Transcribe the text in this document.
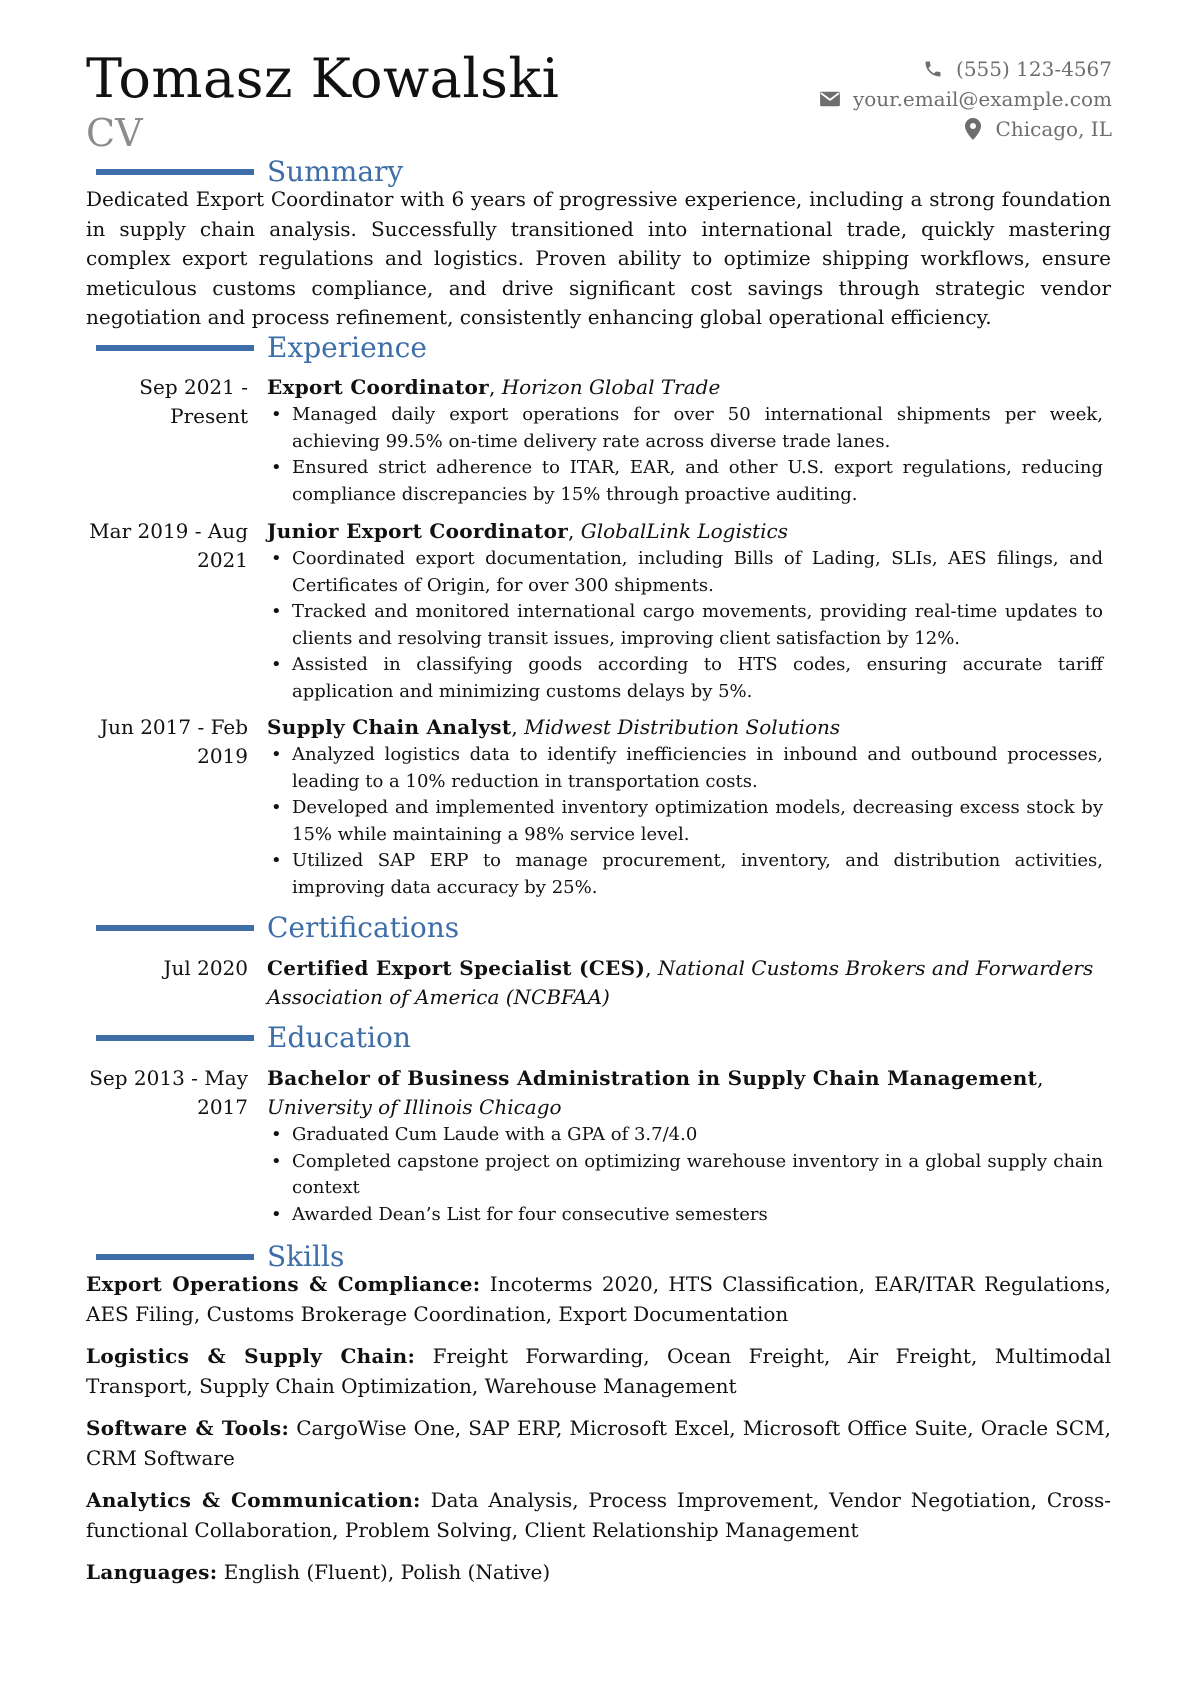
Tomasz Kowalski
CV
(555) 123-4567
your.email@example.com
Chicago, IL
Summary
Dedicated Export Coordinator with 6 years of progressive experience, including a strong foundation in supply chain analysis. Successfully transitioned into international trade, quickly mastering complex export regulations and logistics. Proven ability to optimize shipping workflows, ensure meticulous customs compliance, and drive significant cost savings through strategic vendor negotiation and process refinement, consistently enhancing global operational efficiency.
Experience
Sep 2021 - Present
Export Coordinator, Horizon Global Trade
• Managed daily export operations for over 50 international shipments per week, achieving 99.5% on-time delivery rate across diverse trade lanes.
• Ensured strict adherence to ITAR, EAR, and other U.S. export regulations, reducing compliance discrepancies by 15% through proactive auditing.
Mar 2019 - Aug 2021
Junior Export Coordinator, GlobalLink Logistics
• Coordinated export documentation, including Bills of Lading, SLIs, AES filings, and Certificates of Origin, for over 300 shipments.
• Tracked and monitored international cargo movements, providing real-time updates to clients and resolving transit issues, improving client satisfaction by 12%.
• Assisted in classifying goods according to HTS codes, ensuring accurate tariff application and minimizing customs delays by 5%.
Jun 2017 - Feb 2019
Supply Chain Analyst, Midwest Distribution Solutions
• Analyzed logistics data to identify inefficiencies in inbound and outbound processes, leading to a 10% reduction in transportation costs.
• Developed and implemented inventory optimization models, decreasing excess stock by 15% while maintaining a 98% service level.
• Utilized SAP ERP to manage procurement, inventory, and distribution activities, improving data accuracy by 25%.
Certifications
Jul 2020 Certified Export Specialist (CES), National Customs Brokers and Forwarders Association of America (NCBFAA)
Education
Sep 2013 - May 2017
Bachelor of Business Administration in Supply Chain Management, University of Illinois Chicago
• Graduated Cum Laude with a GPA of 3.7/4.0
• Completed capstone project on optimizing warehouse inventory in a global supply chain context
• Awarded Dean’s List for four consecutive semesters
Skills
Export Operations & Compliance: Incoterms 2020, HTS Classification, EAR/ITAR Regulations, AES Filing, Customs Brokerage Coordination, Export Documentation
Logistics & Supply Chain: Freight Forwarding, Ocean Freight, Air Freight, Multimodal Transport, Supply Chain Optimization, Warehouse Management
Software & Tools: CargoWise One, SAP ERP, Microsoft Excel, Microsoft Office Suite, Oracle SCM, CRM Software
Analytics & Communication: Data Analysis, Process Improvement, Vendor Negotiation, Cross-functional Collaboration, Problem Solving, Client Relationship Management
Languages: English (Fluent), Polish (Native)
